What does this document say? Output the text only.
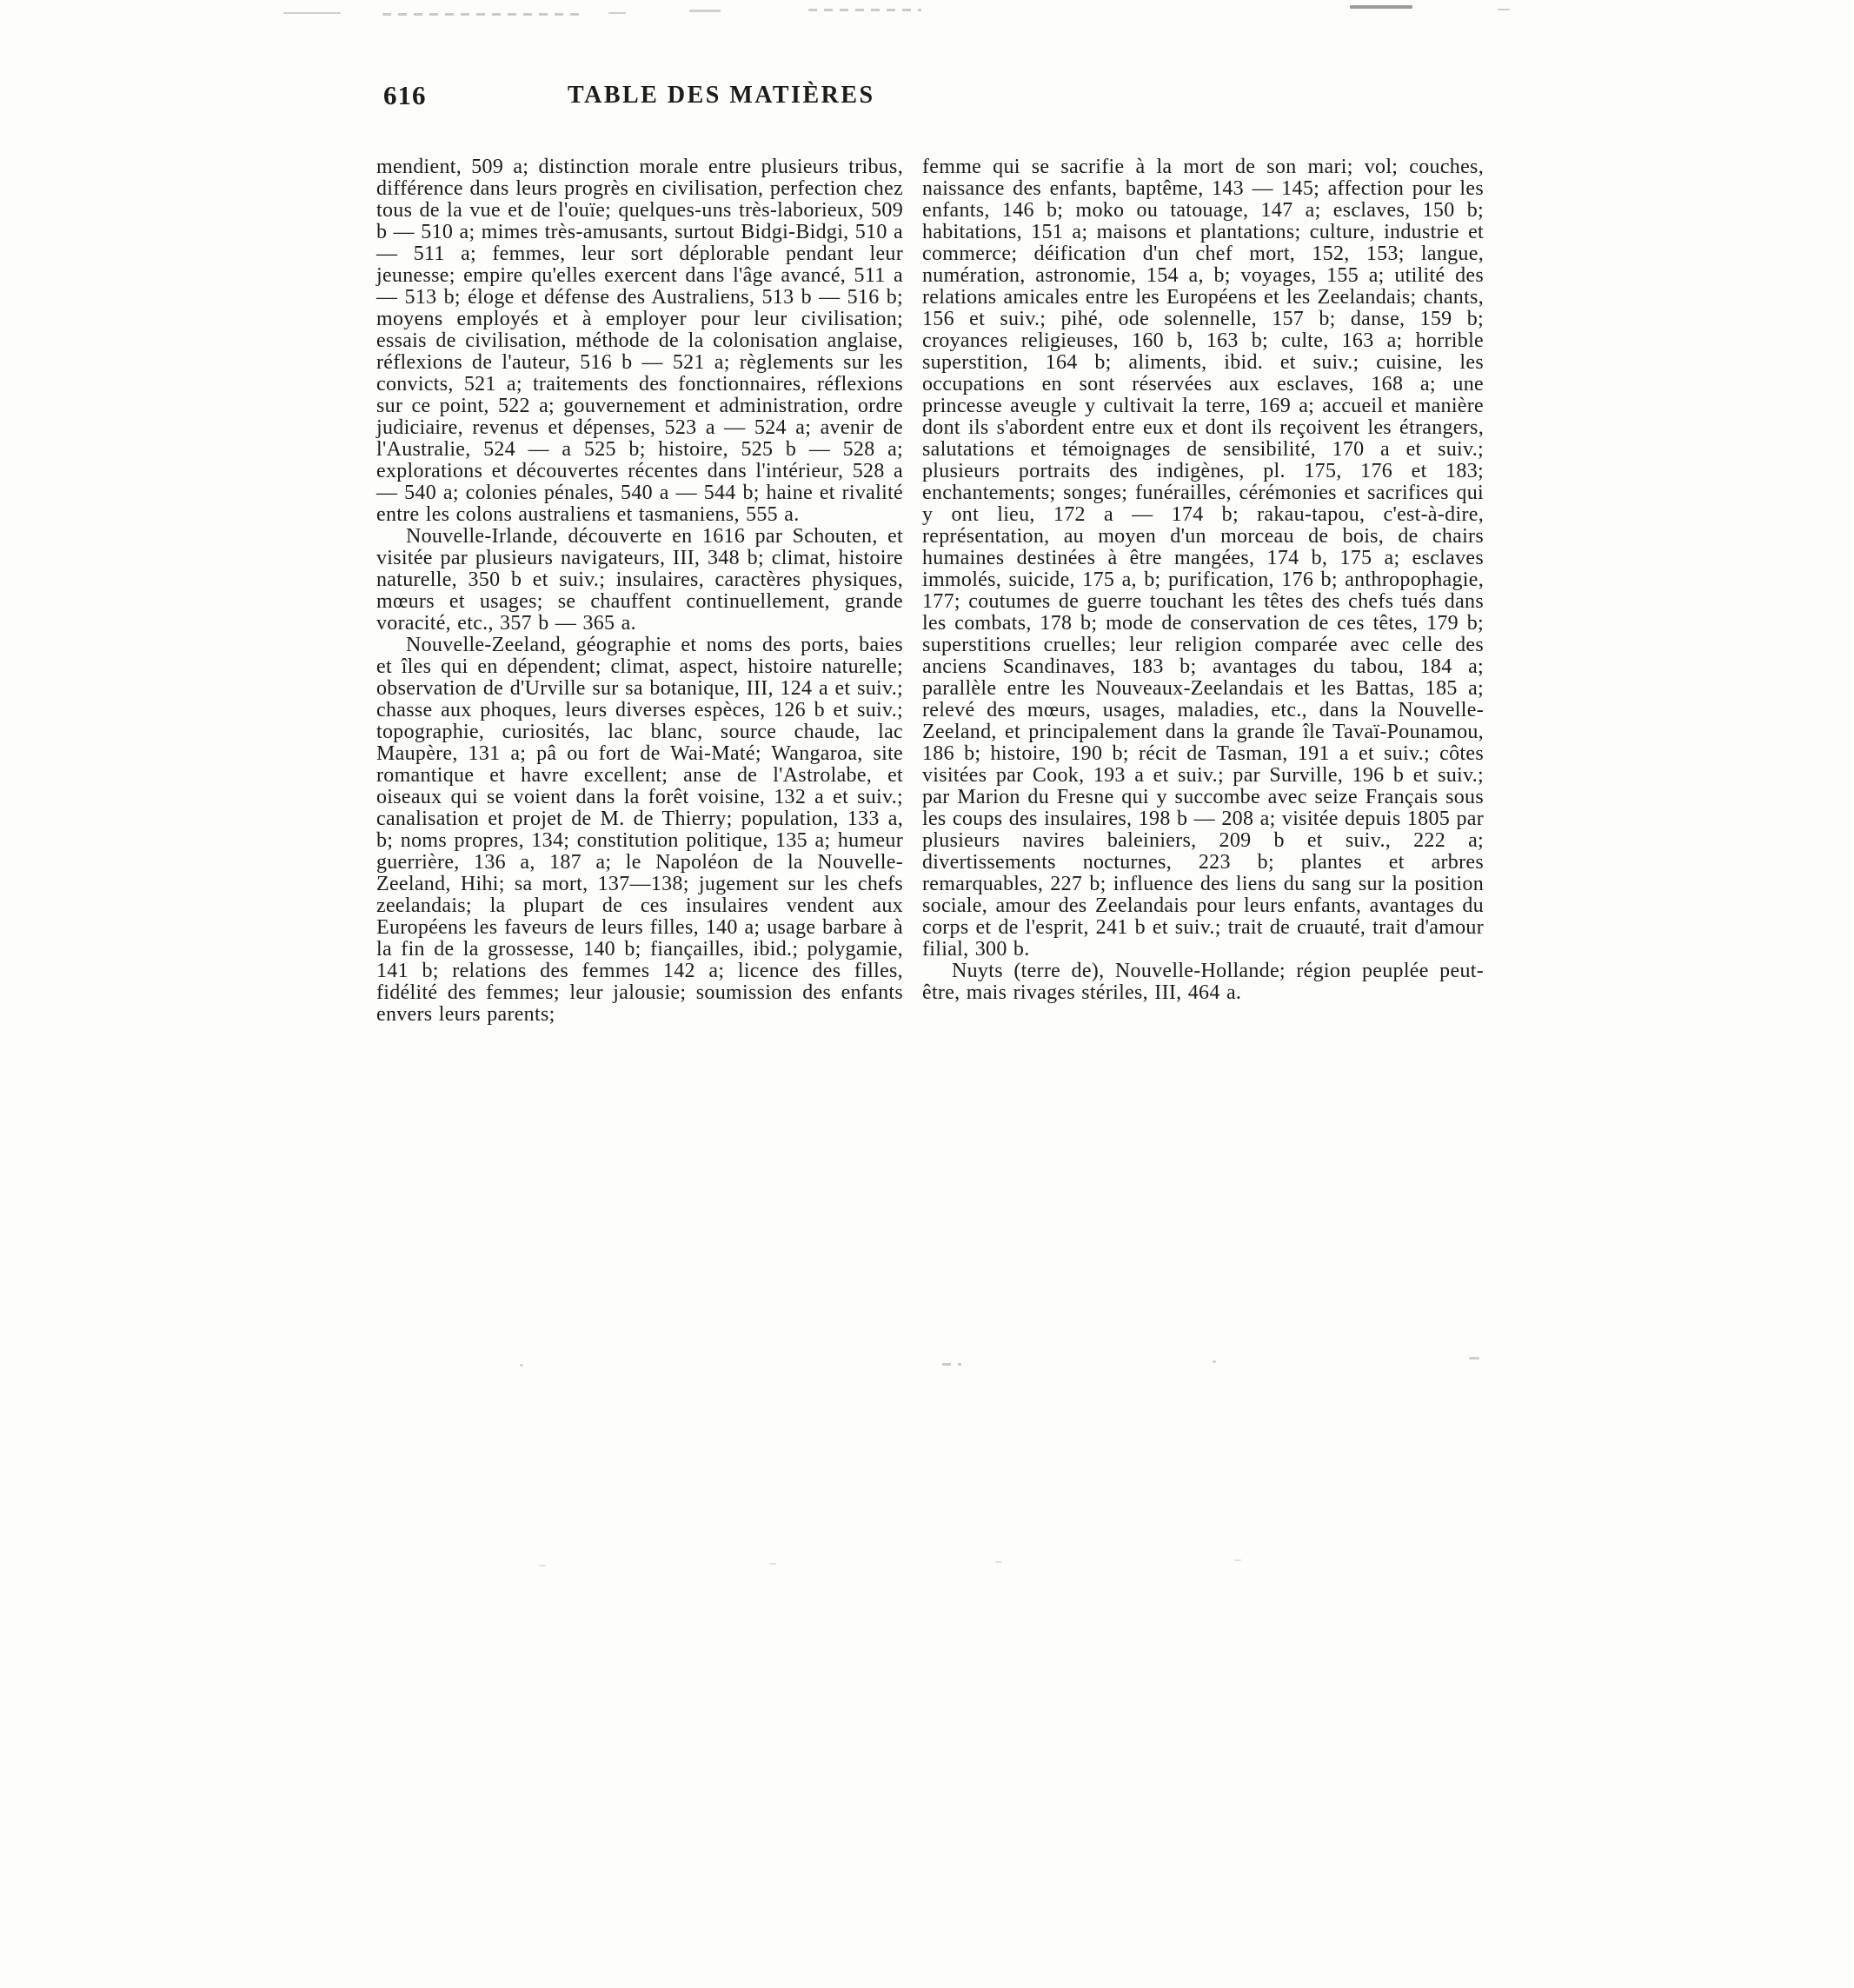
616	TABLE DES MATIÈRES

mendient, 509 a; distinction morale entre plusieurs tribus, différence dans leurs progrès en civilisation, perfection chez tous de la vue et de l'ouïe; quelques-uns très-laborieux, 509 b — 510 a; mimes très-amusants, surtout Bidgi-Bidgi, 510 a — 511 a; femmes, leur sort déplorable pendant leur jeunesse; empire qu'elles exercent dans l'âge avancé, 511 a — 513 b; éloge et défense des Australiens, 513 b — 516 b; moyens employés et à employer pour leur civilisation; essais de civilisation, méthode de la colonisation anglaise, réflexions de l'auteur, 516 b — 521 a; règlements sur les convicts, 521 a; traitements des fonctionnaires, réflexions sur ce point, 522 a; gouvernement et administration, ordre judiciaire, revenus et dépenses, 523 a — 524 a; avenir de l'Australie, 524 — a 525 b; histoire, 525 b — 528 a; explorations et découvertes récentes dans l'intérieur, 528 a — 540 a; colonies pénales, 540 a — 544 b; haine et rivalité entre les colons australiens et tasmaniens, 555 a.

Nouvelle-Irlande, découverte en 1616 par Schouten, et visitée par plusieurs navigateurs, III, 348 b; climat, histoire naturelle, 350 b et suiv.; insulaires, caractères physiques, mœurs et usages; se chauffent continuellement, grande voracité, etc., 357 b — 365 a.

Nouvelle-Zeeland, géographie et noms des ports, baies et îles qui en dépendent; climat, aspect, histoire naturelle; observation de d'Urville sur sa botanique, III, 124 a et suiv.; chasse aux phoques, leurs diverses espèces, 126 b et suiv.; topographie, curiosités, lac blanc, source chaude, lac Maupère, 131 a; pâ ou fort de Wai-Maté; Wangaroa, site romantique et havre excellent; anse de l'Astrolabe, et oiseaux qui se voient dans la forêt voisine, 132 a et suiv.; canalisation et projet de M. de Thierry; population, 133 a, b; noms propres, 134; constitution politique, 135 a; humeur guerrière, 136 a, 187 a; le Napoléon de la Nouvelle-Zeeland, Hihi; sa mort, 137—138; jugement sur les chefs zeelandais; la plupart de ces insulaires vendent aux Européens les faveurs de leurs filles, 140 a; usage barbare à la fin de la grossesse, 140 b; fiançailles, ibid.; polygamie, 141 b; relations des femmes 142 a; licence des filles, fidélité des femmes; leur jalousie; soumission des enfants envers leurs parents;

femme qui se sacrifie à la mort de son mari; vol; couches, naissance des enfants, baptême, 143 — 145; affection pour les enfants, 146 b; moko ou tatouage, 147 a; esclaves, 150 b; habitations, 151 a; maisons et plantations; culture, industrie et commerce; déification d'un chef mort, 152, 153; langue, numération, astronomie, 154 a, b; voyages, 155 a; utilité des relations amicales entre les Européens et les Zeelandais; chants, 156 et suiv.; pihé, ode solennelle, 157 b; danse, 159 b; croyances religieuses, 160 b, 163 b; culte, 163 a; horrible superstition, 164 b; aliments, ibid. et suiv.; cuisine, les occupations en sont réservées aux esclaves, 168 a; une princesse aveugle y cultivait la terre, 169 a; accueil et manière dont ils s'abordent entre eux et dont ils reçoivent les étrangers, salutations et témoignages de sensibilité, 170 a et suiv.; plusieurs portraits des indigènes, pl. 175, 176 et 183; enchantements; songes; funérailles, cérémonies et sacrifices qui y ont lieu, 172 a — 174 b; rakau-tapou, c'est-à-dire, représentation, au moyen d'un morceau de bois, de chairs humaines destinées à être mangées, 174 b, 175 a; esclaves immolés, suicide, 175 a, b; purification, 176 b; anthropophagie, 177; coutumes de guerre touchant les têtes des chefs tués dans les combats, 178 b; mode de conservation de ces têtes, 179 b; superstitions cruelles; leur religion comparée avec celle des anciens Scandinaves, 183 b; avantages du tabou, 184 a; parallèle entre les Nouveaux-Zeelandais et les Battas, 185 a; relevé des mœurs, usages, maladies, etc., dans la Nouvelle-Zeeland, et principalement dans la grande île Tavaï-Pounamou, 186 b; histoire, 190 b; récit de Tasman, 191 a et suiv.; côtes visitées par Cook, 193 a et suiv.; par Surville, 196 b et suiv.; par Marion du Fresne qui y succombe avec seize Français sous les coups des insulaires, 198 b — 208 a; visitée depuis 1805 par plusieurs navires baleiniers, 209 b et suiv., 222 a; divertissements nocturnes, 223 b; plantes et arbres remarquables, 227 b; influence des liens du sang sur la position sociale, amour des Zeelandais pour leurs enfants, avantages du corps et de l'esprit, 241 b et suiv.; trait de cruauté, trait d'amour filial, 300 b.

Nuyts (terre de), Nouvelle-Hollande; région peuplée peut-être, mais rivages stériles, III, 464 a.
